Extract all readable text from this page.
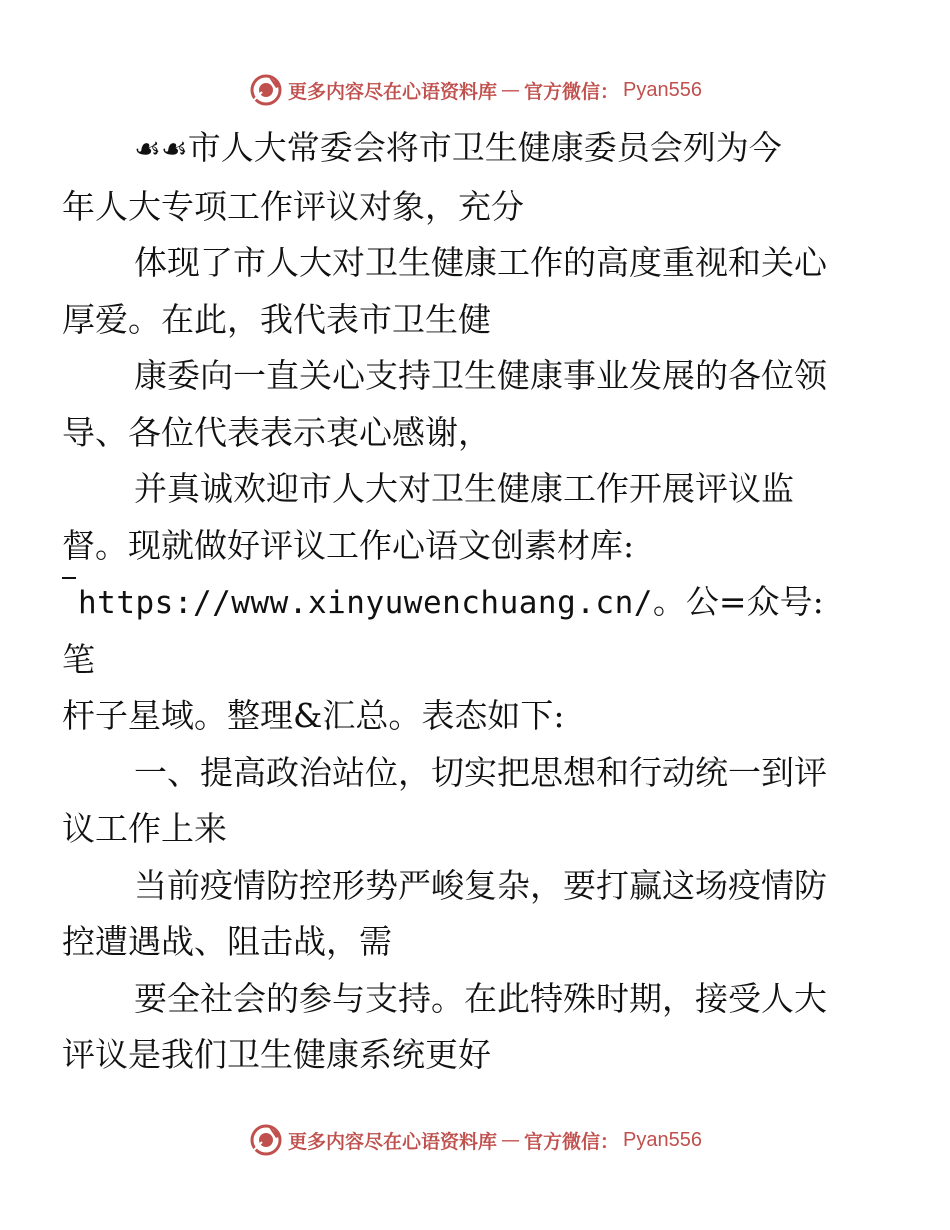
更多内容尽在心语资料库 — 官方微信： Pyan556

☙☙市人大常委会将市卫生健康委员会列为今
年人大专项工作评议对象，充分

体现了市人大对卫生健康工作的高度重视和关心
厚爱。在此，我代表市卫生健

康委向一直关心支持卫生健康事业发展的各位领
导、各位代表表示衷心感谢，

并真诚欢迎市人大对卫生健康工作开展评议监
督。现就做好评议工作心语文创素材库:

https://www.xinyuwenchuang.cn/。公=众号: 笔
杆子星域。整理&汇总。表态如下:

一、提高政治站位，切实把思想和行动统一到评
议工作上来

当前疫情防控形势严峻复杂，要打赢这场疫情防
控遭遇战、阻击战，需

要全社会的参与支持。在此特殊时期，接受人大
评议是我们卫生健康系统更好

更多内容尽在心语资料库 — 官方微信： Pyan556
